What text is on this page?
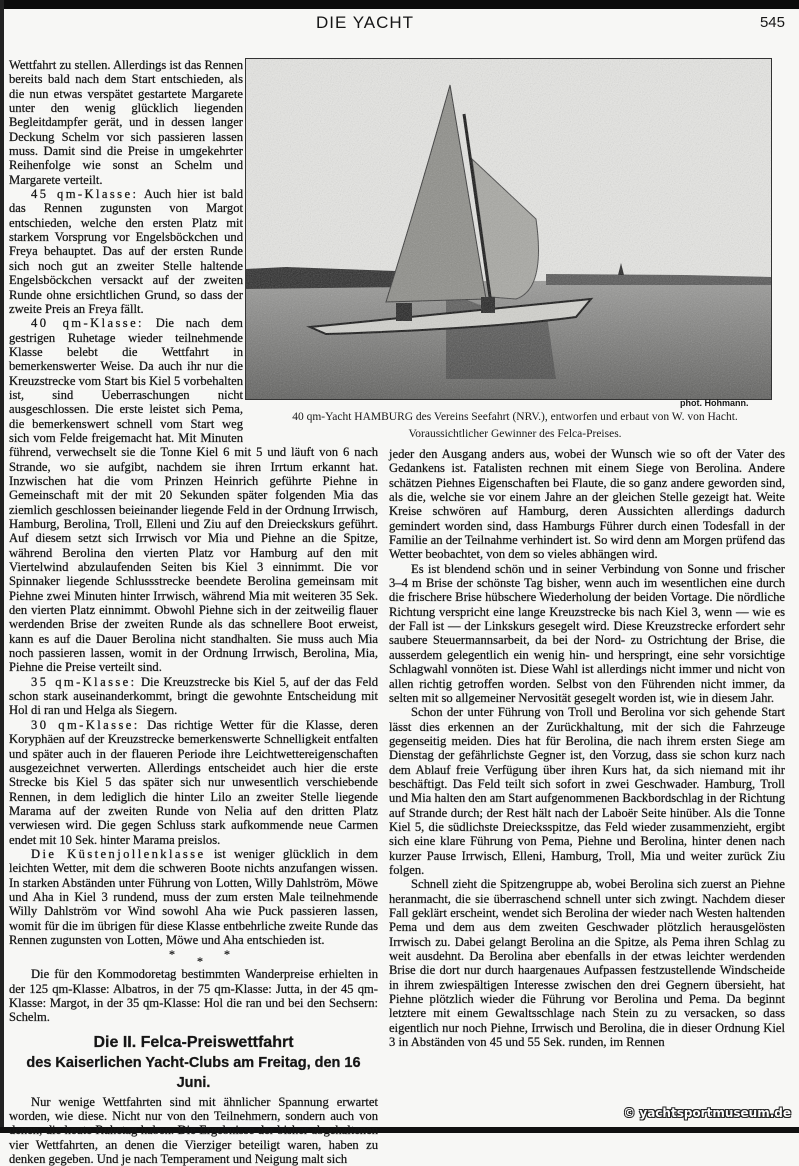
DIE YACHT	545
phot. Hohmann.
40 qm-Yacht HAMBURG des Vereins Seefahrt (NRV.), entworfen und erbaut von W. von Hacht.
Voraussichtlicher Gewinner des Felca-Preises.

Wettfahrt zu stellen. Allerdings ist das Rennen bereits bald nach dem Start entschieden, als die nun etwas verspätet gestartete Margarete unter den wenig glücklich liegenden Begleitdampfer gerät, und in dessen langer Deckung Schelm vor sich passieren lassen muss. Damit sind die Preise in umgekehrter Reihenfolge wie sonst an Schelm und Margarete verteilt.

45 qm-Klasse: Auch hier ist bald das Rennen zugunsten von Margot entschieden, welche den ersten Platz mit starkem Vorsprung vor Engelsböckchen und Freya behauptet. Das auf der ersten Runde sich noch gut an zweiter Stelle haltende Engelsböckchen versackt auf der zweiten Runde ohne ersichtlichen Grund, so dass der zweite Preis an Freya fällt.

40 qm-Klasse: Die nach dem gestrigen Ruhetage wieder teilnehmende Klasse belebt die Wettfahrt in bemerkenswerter Weise. Da auch ihr nur die Kreuzstrecke vom Start bis Kiel 5 vorbehalten ist, sind Ueberraschungen nicht ausgeschlossen. Die erste leistet sich Pema, die bemerkenswert schnell vom Start weg sich vom Felde freigemacht hat. Mit Minuten führend, verwechselt sie die Tonne Kiel 6 mit 5 und läuft von 6 nach Strande, wo sie aufgibt, nachdem sie ihren Irrtum erkannt hat. Inzwischen hat die vom Prinzen Heinrich geführte Piehne in Gemeinschaft mit der mit 20 Sekunden später folgenden Mia das ziemlich geschlossen beieinander liegende Feld in der Ordnung Irrwisch, Hamburg, Berolina, Troll, Elleni und Ziu auf den Dreieckskurs geführt. Auf diesem setzt sich Irrwisch vor Mia und Piehne an die Spitze, während Berolina den vierten Platz vor Hamburg auf den mit Viertelwind abzulaufenden Seiten bis Kiel 3 einnimmt. Die vor Spinnaker liegende Schlussstrecke beendete Berolina gemeinsam mit Piehne zwei Minuten hinter Irrwisch, während Mia mit weiteren 35 Sek. den vierten Platz einnimmt. Obwohl Piehne sich in der zeitweilig flauer werdenden Brise der zweiten Runde als das schnellere Boot erweist, kann es auf die Dauer Berolina nicht standhalten. Sie muss auch Mia noch passieren lassen, womit in der Ordnung Irrwisch, Berolina, Mia, Piehne die Preise verteilt sind.

35 qm-Klasse: Die Kreuzstrecke bis Kiel 5, auf der das Feld schon stark auseinanderkommt, bringt die gewohnte Entscheidung mit Hol di ran und Helga als Siegern.

30 qm-Klasse: Das richtige Wetter für die Klasse, deren Koryphäen auf der Kreuzstrecke bemerkenswerte Schnelligkeit entfalten und später auch in der flaueren Periode ihre Leichtwettereigenschaften ausgezeichnet verwerten. Allerdings entscheidet auch hier die erste Strecke bis Kiel 5 das später sich nur unwesentlich verschiebende Rennen, in dem lediglich die hinter Lilo an zweiter Stelle liegende Marama auf der zweiten Runde von Nelia auf den dritten Platz verwiesen wird. Die gegen Schluss stark aufkommende neue Carmen endet mit 10 Sek. hinter Marama preislos.

Die Küstenjollenklasse ist weniger glücklich in dem leichten Wetter, mit dem die schweren Boote nichts anzufangen wissen. In starken Abständen unter Führung von Lotten, Willy Dahlström, Möwe und Aha in Kiel 3 rundend, muss der zum ersten Male teilnehmende Willy Dahlström vor Wind sowohl Aha wie Puck passieren lassen, womit für die im übrigen für diese Klasse entbehrliche zweite Runde das Rennen zugunsten von Lotten, Möwe und Aha entschieden ist.

*	*
*

Die für den Kommodoretag bestimmten Wanderpreise erhielten in der 125 qm-Klasse: Albatros, in der 75 qm-Klasse: Jutta, in der 45 qm-Klasse: Margot, in der 35 qm-Klasse: Hol die ran und bei den Sechsern: Schelm.

Die II. Felca-Preiswettfahrt
des Kaiserlichen Yacht-Clubs am Freitag, den 16 Juni.

Nur wenige Wettfahrten sind mit ähnlicher Spannung erwartet worden, wie diese. Nicht nur von den Teilnehmern, sondern auch von denen, die heute Ruhetag haben. Die Ergebnisse der bisher abgehaltenen vier Wettfahrten, an denen die Vierziger beteiligt waren, haben zu denken gegeben. Und je nach Temperament und Neigung malt sich

jeder den Ausgang anders aus, wobei der Wunsch wie so oft der Vater des Gedankens ist. Fatalisten rechnen mit einem Siege von Berolina. Andere schätzen Piehnes Eigenschaften bei Flaute, die so ganz andere geworden sind, als die, welche sie vor einem Jahre an der gleichen Stelle gezeigt hat. Weite Kreise schwören auf Hamburg, deren Aussichten allerdings dadurch gemindert worden sind, dass Hamburgs Führer durch einen Todesfall in der Familie an der Teilnahme verhindert ist. So wird denn am Morgen prüfend das Wetter beobachtet, von dem so vieles abhängen wird.

Es ist blendend schön und in seiner Verbindung von Sonne und frischer 3–4 m Brise der schönste Tag bisher, wenn auch im wesentlichen eine durch die frischere Brise hübschere Wiederholung der beiden Vortage. Die nördliche Richtung verspricht eine lange Kreuzstrecke bis nach Kiel 3, wenn — wie es der Fall ist — der Linkskurs gesegelt wird. Diese Kreuzstrecke erfordert sehr saubere Steuermannsarbeit, da bei der Nord- zu Ostrichtung der Brise, die ausserdem gelegentlich ein wenig hin- und herspringt, eine sehr vorsichtige Schlagwahl vonnöten ist. Diese Wahl ist allerdings nicht immer und nicht von allen richtig getroffen worden. Selbst von den Führenden nicht immer, da selten mit so allgemeiner Nervosität gesegelt worden ist, wie in diesem Jahr.

Schon der unter Führung von Troll und Berolina vor sich gehende Start lässt dies erkennen an der Zurückhaltung, mit der sich die Fahrzeuge gegenseitig meiden. Dies hat für Berolina, die nach ihrem ersten Siege am Dienstag der gefährlichste Gegner ist, den Vorzug, dass sie schon kurz nach dem Ablauf freie Verfügung über ihren Kurs hat, da sich niemand mit ihr beschäftigt. Das Feld teilt sich sofort in zwei Geschwader. Hamburg, Troll und Mia halten den am Start aufgenommenen Backbordschlag in der Richtung auf Strande durch; der Rest hält nach der Laboër Seite hinüber. Als die Tonne Kiel 5, die südlichste Dreiecksspitze, das Feld wieder zusammenzieht, ergibt sich eine klare Führung von Pema, Piehne und Berolina, hinter denen nach kurzer Pause Irrwisch, Elleni, Hamburg, Troll, Mia und weiter zurück Ziu folgen.

Schnell zieht die Spitzengruppe ab, wobei Berolina sich zuerst an Piehne heranmacht, die sie überraschend schnell unter sich zwingt. Nachdem dieser Fall geklärt erscheint, wendet sich Berolina der wieder nach Westen haltenden Pema und dem aus dem zweiten Geschwader plötzlich herausgelösten Irrwisch zu. Dabei gelangt Berolina an die Spitze, als Pema ihren Schlag zu weit ausdehnt. Da Berolina aber ebenfalls in der etwas leichter werdenden Brise die dort nur durch haargenaues Aufpassen festzustellende Windscheide in ihrem zwiespältigen Interesse zwischen den drei Gegnern übersieht, hat Piehne plötzlich wieder die Führung vor Berolina und Pema. Da beginnt letztere mit einem Gewaltsschlage nach Stein zu zu versacken, so dass eigentlich nur noch Piehne, Irrwisch und Berolina, die in dieser Ordnung Kiel 3 in Abständen von 45 und 55 Sek. runden, im Rennen

© yachtsportmuseum.de
